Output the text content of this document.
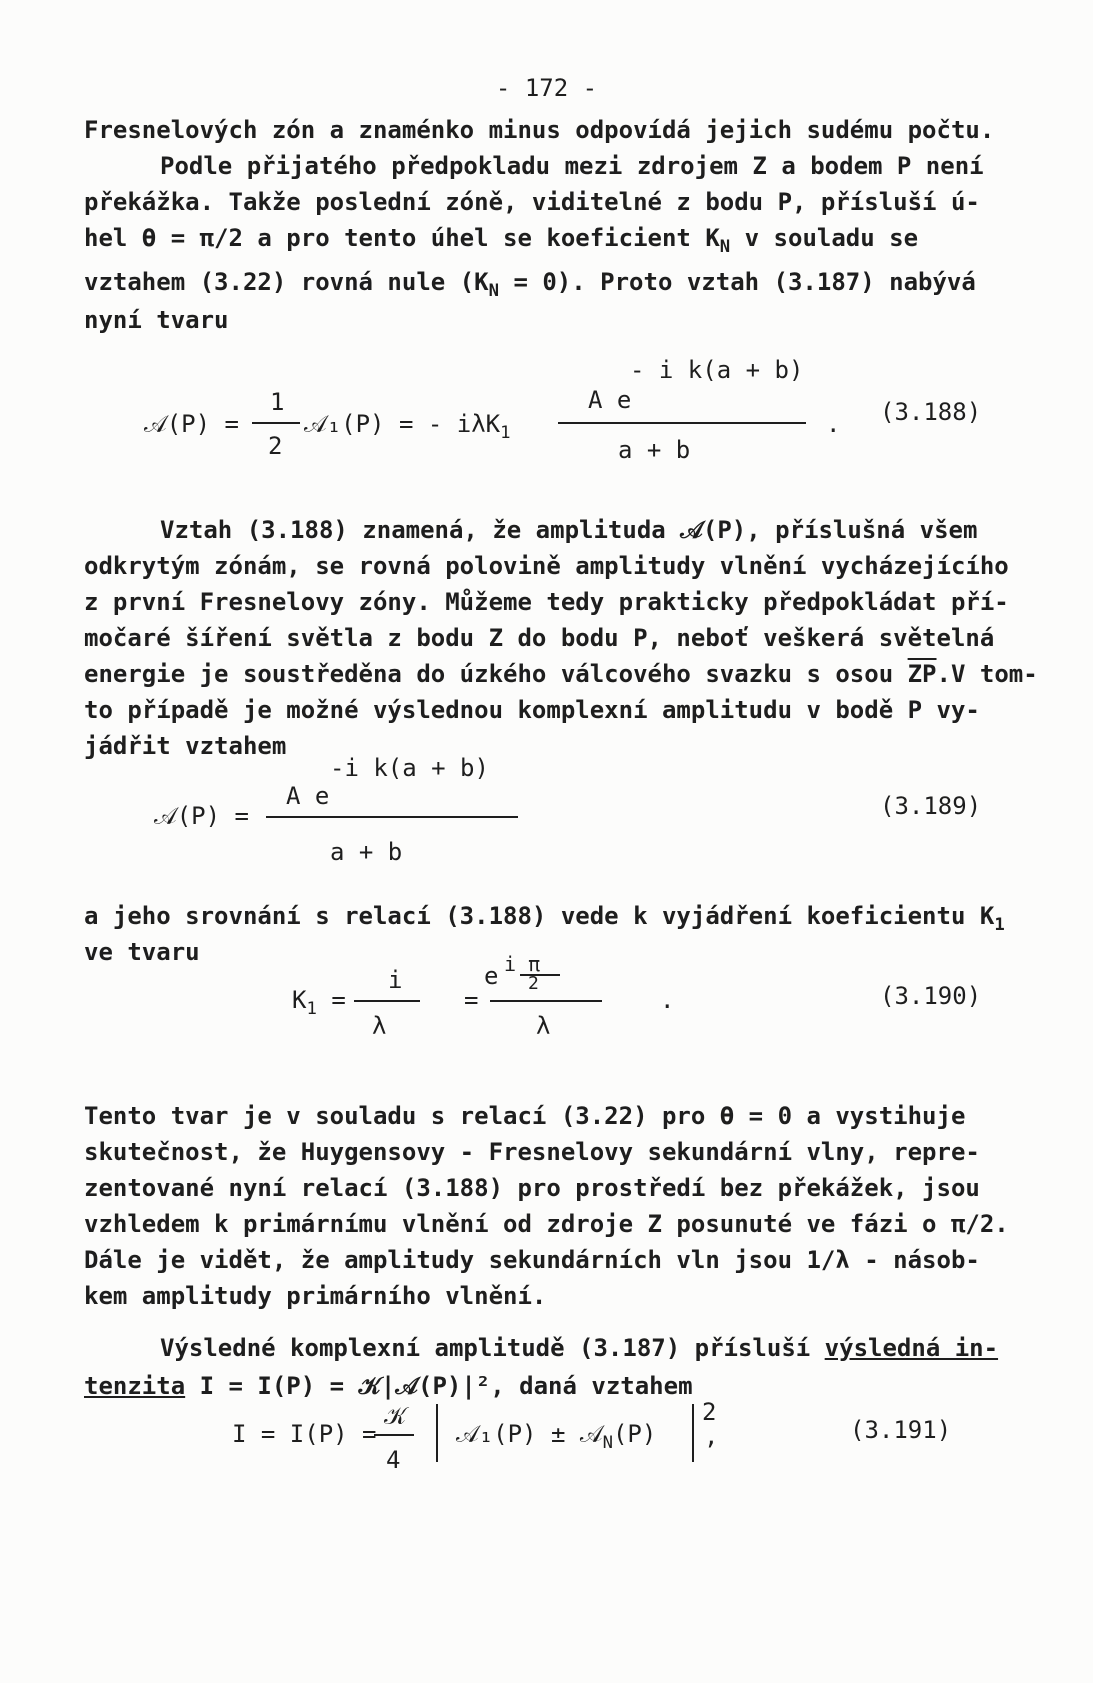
- 172 -
Fresnelových zón a znaménko minus odpovídá jejich sudému počtu.
Podle přijatého předpokladu mezi zdrojem Z a bodem P není
překážka. Takže poslední zóně, viditelné z bodu P, přísluší ú-
hel ϴ = π/2 a pro tento úhel se koeficient $K_N$ v souladu se
vztahem (3.22) rovná nule $(K_N = 0)$. Proto vztah (3.187) nabývá
nyní tvaru
- i k(a + b)
A e
𝒜(P) =
1
2
𝒜₁(P) = - iλK$_1$
a + b
. (3.188)
Vztah (3.188) znamená, že amplituda 𝒜(P), příslušná všem
odkrytým zónám, se rovná polovině amplitudy vlnění vycházejícího
z první Fresnelovy zóny. Můžeme tedy prakticky předpokládat pří-
močaré šíření světla z bodu Z do bodu P, neboť veškerá světelná
energie je soustředěna do úzkého válcového svazku s osou $\overline{ZP}.V$ tom-
to případě je možné výslednou komplexní amplitudu v bodě P vy-
jádřit vztahem
-i k(a + b)
A e
𝒜(P) =
a + b
(3.189)
a jeho srovnání s relací (3.188) vede k vyjádření koeficientu $K_1$
ve tvaru	i π
2
e
i
$K_1$ =
λ
=
λ
.	(3.190)
Tento tvar je v souladu s relací (3.22) pro ϴ = 0 a vystihuje
skutečnost, že Huygensovy - Fresnelovy sekundární vlny, repre-
zentované nyní relací (3.188) pro prostředí bez překážek, jsou
vzhledem k primárnímu vlnění od zdroje Z posunuté ve fázi o π/2.
Dále je vidět, že amplitudy sekundárních vln jsou 1/λ - násob-
kem amplitudy primárního vlnění.
Výsledné komplexní amplitudě (3.187) přísluší výsledná in-
tenzita I = I(P) = 𝒦|𝒜(P)|², daná vztahem
I = I(P) =
𝒦
4
𝒜₁(P) ± 𝒜$_N$(P)
2
,	(3.191)
